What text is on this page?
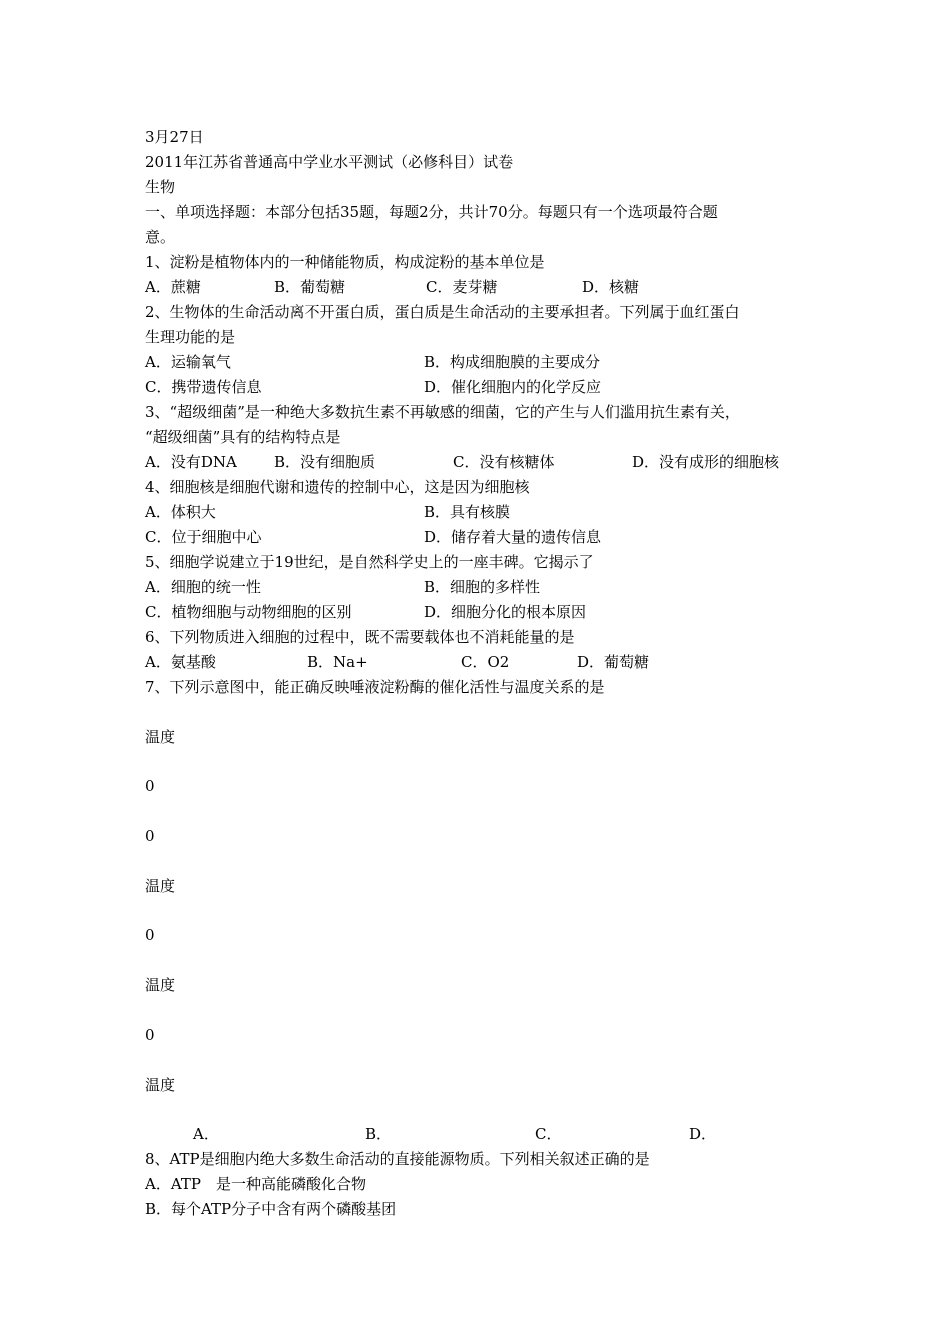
3月27日
2011年江苏省普通高中学业水平测试（必修科目）试卷
生物
一、单项选择题：本部分包括35题，每题2分，共计70分。每题只有一个选项最符合题
意。
1、淀粉是植物体内的一种储能物质，构成淀粉的基本单位是
A．蔗糖	B．葡萄糖	C．麦芽糖	D．核糖
2、生物体的生命活动离不开蛋白质，蛋白质是生命活动的主要承担者。下列属于血红蛋白
生理功能的是
A．运输氧气	B．构成细胞膜的主要成分
C．携带遗传信息	D．催化细胞内的化学反应
3、“超级细菌”是一种绝大多数抗生素不再敏感的细菌，它的产生与人们滥用抗生素有关，
“超级细菌”具有的结构特点是
A．没有DNA B．没有细胞质	C．没有核糖体	D．没有成形的细胞核
4、细胞核是细胞代谢和遗传的控制中心，这是因为细胞核
A．体积大	B．具有核膜
C．位于细胞中心	D．储存着大量的遗传信息
5、细胞学说建立于19世纪，是自然科学史上的一座丰碑。它揭示了
A．细胞的统一性	B．细胞的多样性
C．植物细胞与动物细胞的区别	D．细胞分化的根本原因
6、下列物质进入细胞的过程中，既不需要载体也不消耗能量的是
A．氨基酸	B．Na+	C．O2	D．葡萄糖
7、下列示意图中，能正确反映唾液淀粉酶的催化活性与温度关系的是
温度
0
0
温度
0
温度
0
温度
A．	B．	C．	D．
8、ATP是细胞内绝大多数生命活动的直接能源物质。下列相关叙述正确的是
A．ATP　是一种高能磷酸化合物
B．每个ATP分子中含有两个磷酸基团
